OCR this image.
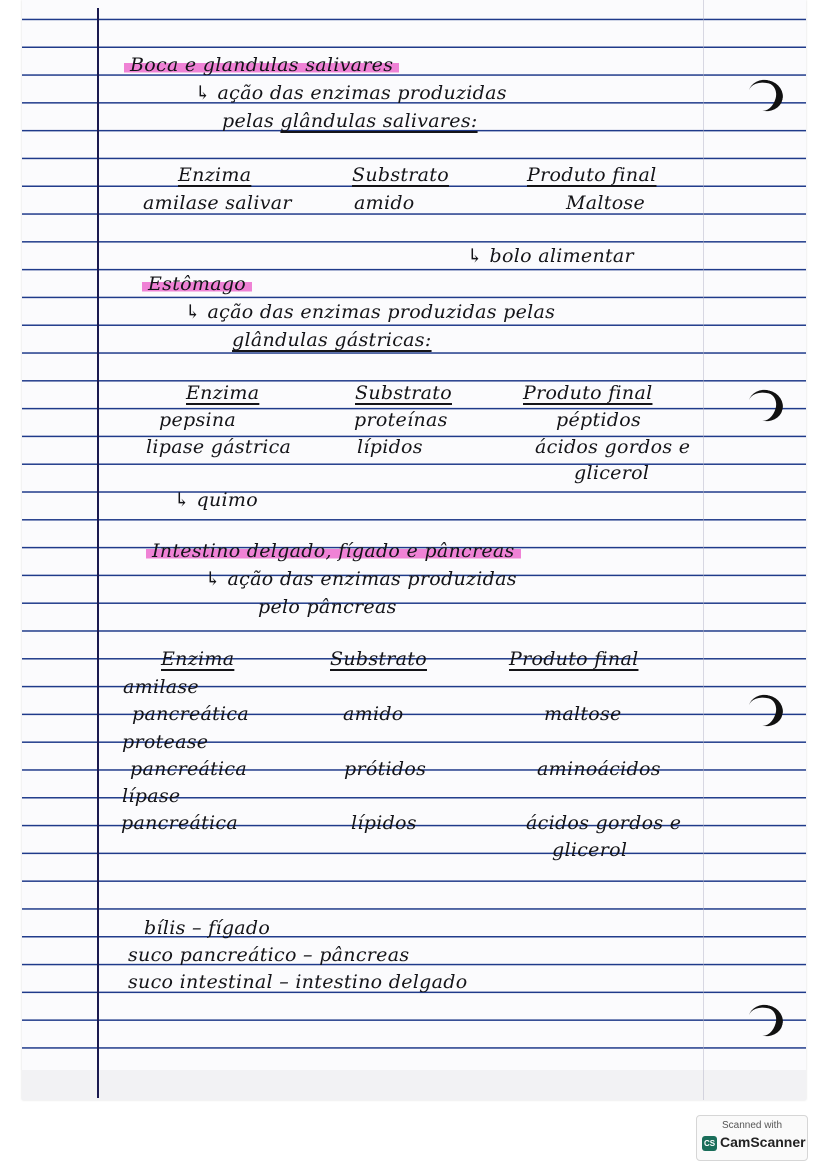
Boca e glandulas salivares
↳ ação das enzimas produzidas
pelas glândulas salivares:
Enzima	Substrato	Produto final
amilase salivar	amido	Maltose
↳ bolo alimentar
Estômago
↳ ação das enzimas produzidas pelas
glândulas gástricas:
Enzima	Substrato	Produto final
pepsina	proteínas	péptidos
lipase gástrica	lípidos	ácidos gordos e
glicerol
↳ quimo
Intestino delgado, fígado e pâncreas
↳ ação das enzimas produzidas
pelo pâncreas
Enzima	Substrato	Produto final
amilase
pancreática	amido	maltose
protease
pancreática	prótidos	aminoácidos
lípase
pancreática	lípidos	ácidos gordos e
glicerol
bílis – fígado
suco pancreático – pâncreas
suco intestinal – intestino delgado
Scanned with
CS CamScanner
